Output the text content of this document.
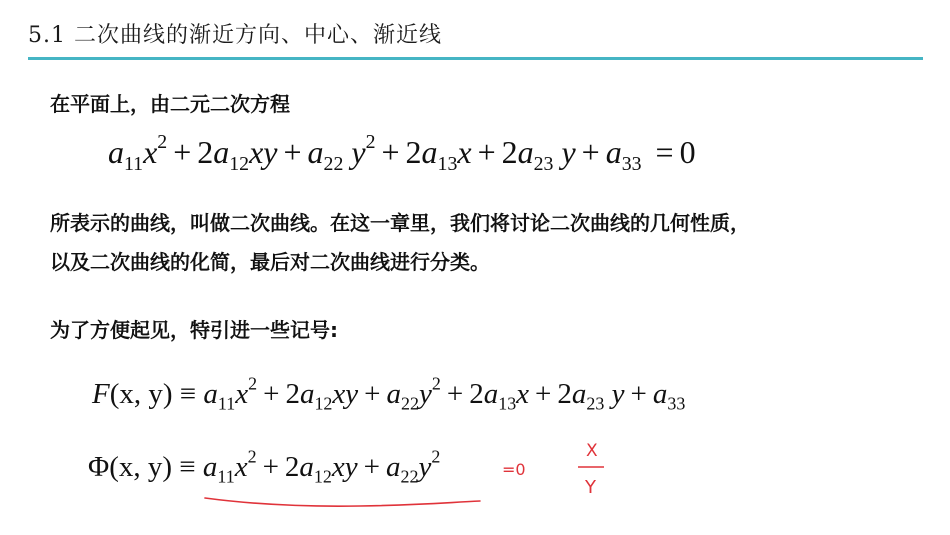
5.1 二次曲线的渐近方向、中心、渐近线
在平面上，由二元二次方程
$a_{11}x^2 + 2a_{12}xy + a_{22}$ $y^2 + 2a_{13}x + 2a_{23}$ $y + a_{33} = 0$
所表示的曲线，叫做二次曲线。在这一章里，我们将讨论二次曲线的几何性质，
以及二次曲线的化简，最后对二次曲线进行分类。
为了方便起见，特引进一些记号:
F(x, $y) \equiv a_{11}x^2 + 2a_{12}xy + a_{22}y^2 + 2a_{13}x + 2a_{23}$ $y + a_{33}$
Φ(x, $y) \equiv a_{11}x^2 + 2a_{12}xy + a_{22}y^2$
=0
X
Y
